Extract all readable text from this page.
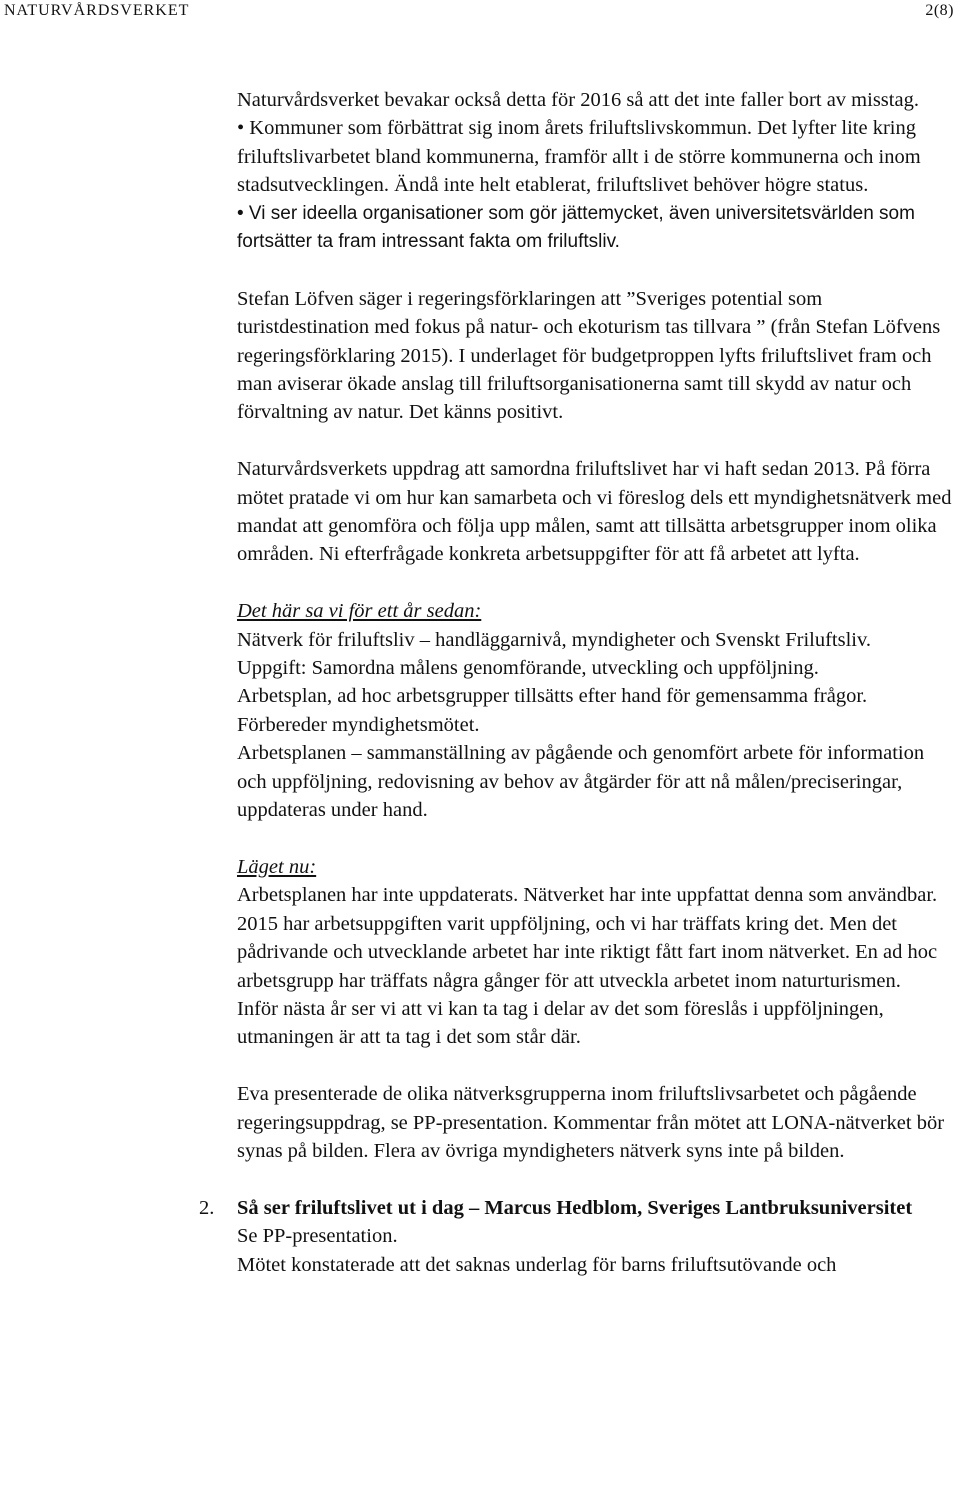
NATURVÅRDSVERKET	2(8)

Naturvårdsverket bevakar också detta för 2016 så att det inte faller bort av misstag.

• Kommuner som förbättrat sig inom årets friluftslivskommun. Det lyfter lite kring friluftslivarbetet bland kommunerna, framför allt i de större kommunerna och inom stadsutvecklingen. Ändå inte helt etablerat, friluftslivet behöver högre status.

• Vi ser ideella organisationer som gör jättemycket, även universitetsvärlden som fortsätter ta fram intressant fakta om friluftsliv.

Stefan Löfven säger i regeringsförklaringen att ”Sveriges potential som turistdestination med fokus på natur- och ekoturism tas tillvara ” (från Stefan Löfvens regeringsförklaring 2015). I underlaget för budgetproppen lyfts friluftslivet fram och man aviserar ökade anslag till friluftsorganisationerna samt till skydd av natur och förvaltning av natur. Det känns positivt.

Naturvårdsverkets uppdrag att samordna friluftslivet har vi haft sedan 2013. På förra mötet pratade vi om hur kan samarbeta och vi föreslog dels ett myndighetsnätverk med mandat att genomföra och följa upp målen, samt att tillsätta arbetsgrupper inom olika områden. Ni efterfrågade konkreta arbetsuppgifter för att få arbetet att lyfta.

Det här sa vi för ett år sedan:

Nätverk för friluftsliv – handläggarnivå, myndigheter och Svenskt Friluftsliv.

Uppgift: Samordna målens genomförande, utveckling och uppföljning.

Arbetsplan, ad hoc arbetsgrupper tillsätts efter hand för gemensamma frågor. Förbereder myndighetsmötet.

Arbetsplanen – sammanställning av pågående och genomfört arbete för information och uppföljning, redovisning av behov av åtgärder för att nå målen/preciseringar, uppdateras under hand.

Läget nu:

Arbetsplanen har inte uppdaterats. Nätverket har inte uppfattat denna som användbar. 2015 har arbetsuppgiften varit uppföljning, och vi har träffats kring det. Men det pådrivande och utvecklande arbetet har inte riktigt fått fart inom nätverket. En ad hoc arbetsgrupp har träffats några gånger för att utveckla arbetet inom naturturismen.

Inför nästa år ser vi att vi kan ta tag i delar av det som föreslås i uppföljningen, utmaningen är att ta tag i det som står där.

Eva presenterade de olika nätverksgrupperna inom friluftslivsarbetet och pågående regeringsuppdrag, se PP-presentation. Kommentar från mötet att LONA-nätverket bör synas på bilden. Flera av övriga myndigheters nätverk syns inte på bilden.

2. Så ser friluftslivet ut i dag – Marcus Hedblom, Sveriges Lantbruksuniversitet

Se PP-presentation.

Mötet konstaterade att det saknas underlag för barns friluftsutövande och
